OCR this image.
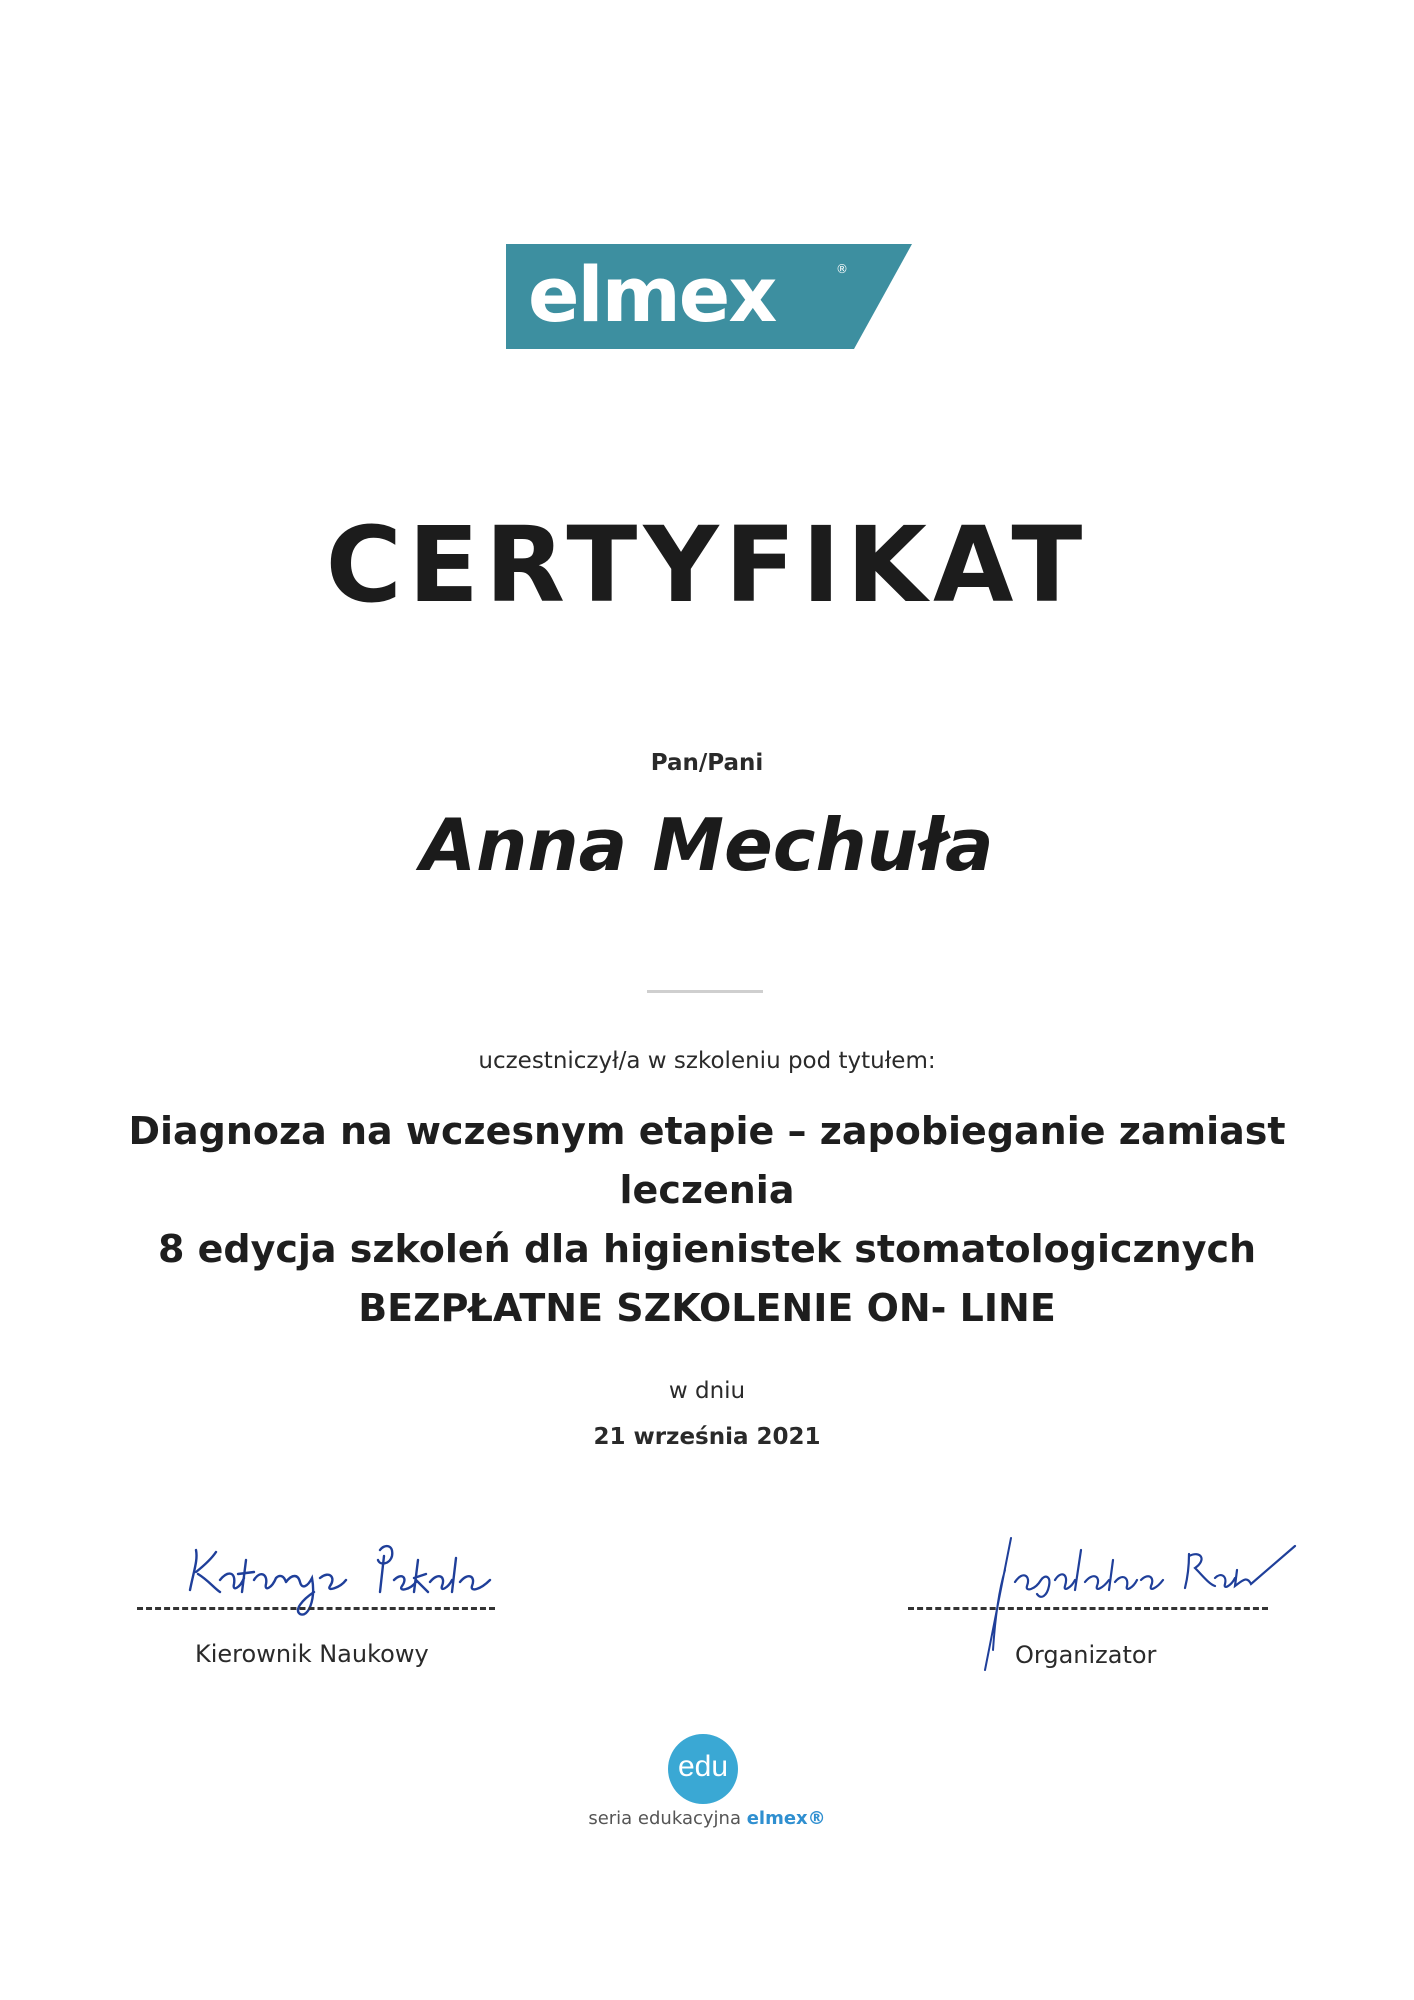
elmex	®
CERTYFIKAT
Pan/Pani
Anna Mechuła
uczestniczył/a w szkoleniu pod tytułem:
Diagnoza na wczesnym etapie – zapobieganie zamiast
leczenia
8 edycja szkoleń dla higienistek stomatologicznych
BEZPŁATNE SZKOLENIE ON- LINE
w dniu
21 września 2021
Kierownik Naukowy	Organizator
edu
seria edukacyjna elmex®
